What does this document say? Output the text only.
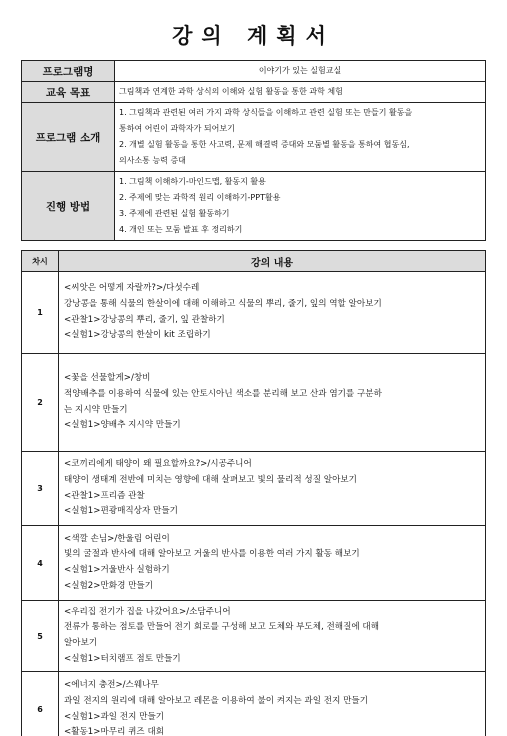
강의 계획서
프로그램명	이야기가 있는 실험교실
교육 목표	그림책과 연계한 과학 상식의 이해와 실험 활동을 통한 과학 체험
프로그램 소개	1. 그림책과 관련된 여러 가지 과학 상식들을 이해하고 관련 실험 또는 만들기 활동을
통하여 어린이 과학자가 되어보기
2. 개별 실험 활동을 통한 사고력, 문제 해결력 증대와 모둠별 활동을 통하여 협동심,
의사소통 능력 증대

진행 방법	1. 그림책 이해하기-마인드맵, 활동지 활용
2. 주제에 맞는 과학적 원리 이해하기-PPT활용
3. 주제에 관련된 실험 활동하기
4. 개인 또는 모둠 발표 후 정리하기
차시	강의 내용
1	<씨앗은 어떻게 자랄까?>/다섯수레
강낭콩을 통해 식물의 한살이에 대해 이해하고 식물의 뿌리, 줄기, 잎의 역할 알아보기
<관찰1>강낭콩의 뿌리, 줄기, 잎 관찰하기
<실험1>강낭콩의 한살이 kit 조립하기

2	<꽃을 선물할게>/창비
적양배추를 이용하여 식물에 있는 안토시아닌 색소를 분리해 보고 산과 염기를 구분하
는 지시약 만들기
<실험1>양배추 지시약 만들기

3	<코끼리에게 태양이 왜 필요할까요?>/시공주니어
태양이 생태계 전반에 미치는 영향에 대해 살펴보고 빛의 물리적 성질 알아보기
<관찰1>프리즘 관찰
<실험1>편광매직상자 만들기

4	<색깔 손님>/한울림 어린이
빛의 굴절과 반사에 대해 알아보고 거울의 반사를 이용한 여러 가지 활동 해보기
<실험1>거울반사 실험하기
<실험2>만화경 만들기

5	<우리집 전기가 집을 나갔어요>/소담주니어
전류가 통하는 점토를 만들어 전기 회로를 구성해 보고 도체와 부도체, 전해질에 대해
알아보기
<실험1>터치램프 점토 만들기

6	<에너지 충전>/스웨나무
과일 전지의 원리에 대해 알아보고 레몬을 이용하여 불이 켜지는 과일 전지 만들기
<실험1>과일 전지 만들기
<활동1>마무리 퀴즈 대회
